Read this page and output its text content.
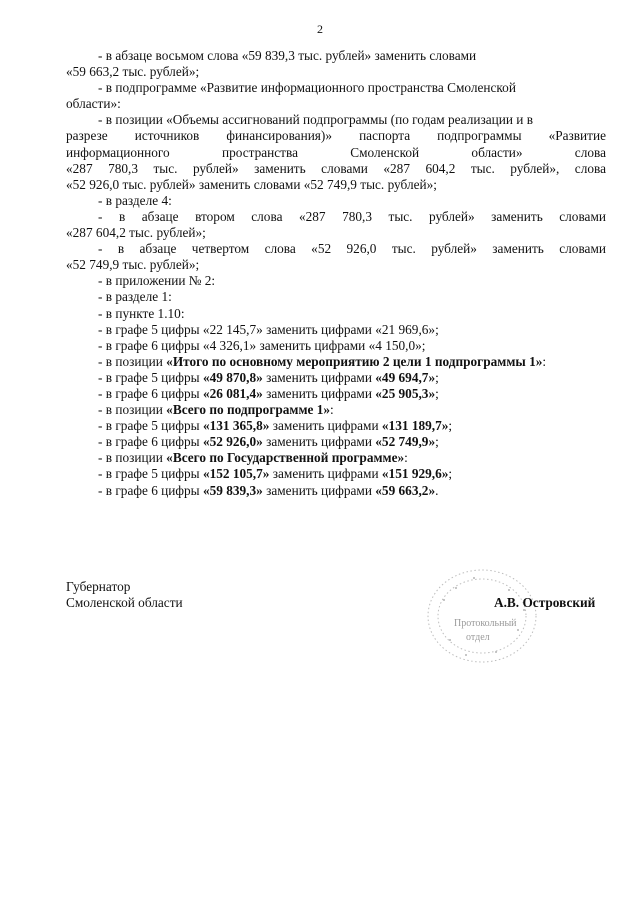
2

- в абзаце восьмом слова «59 839,3 тыс. рублей» заменить словами

«59 663,2 тыс. рублей»;

- в подпрограмме «Развитие информационного пространства Смоленской

области»:

- в позиции «Объемы ассигнований подпрограммы (по годам реализации и в

разрезе источников финансирования)» паспорта подпрограммы «Развитие

информационного пространства Смоленской области» слова

«287 780,3 тыс. рублей» заменить словами «287 604,2 тыс. рублей», слова

«52 926,0 тыс. рублей» заменить словами «52 749,9 тыс. рублей»;

- в разделе 4:

- в абзаце втором слова «287 780,3 тыс. рублей» заменить словами

«287 604,2 тыс. рублей»;

- в абзаце четвертом слова «52 926,0 тыс. рублей» заменить словами

«52 749,9 тыс. рублей»;

- в приложении № 2:

- в разделе 1:

- в пункте 1.10:

- в графе 5 цифры «22 145,7» заменить цифрами «21 969,6»;

- в графе 6 цифры «4 326,1» заменить цифрами «4 150,0»;

- в позиции «Итого по основному мероприятию 2 цели 1 подпрограммы 1»:

- в графе 5 цифры «49 870,8» заменить цифрами «49 694,7»;

- в графе 6 цифры «26 081,4» заменить цифрами «25 905,3»;

- в позиции «Всего по подпрограмме 1»:

- в графе 5 цифры «131 365,8» заменить цифрами «131 189,7»;

- в графе 6 цифры «52 926,0» заменить цифрами «52 749,9»;

- в позиции «Всего по Государственной программе»:

- в графе 5 цифры «152 105,7» заменить цифрами «151 929,6»;

- в графе 6 цифры «59 839,3» заменить цифрами «59 663,2».

Губернатор
Смоленской области
Протокольный
отдел
А.В. Островский
